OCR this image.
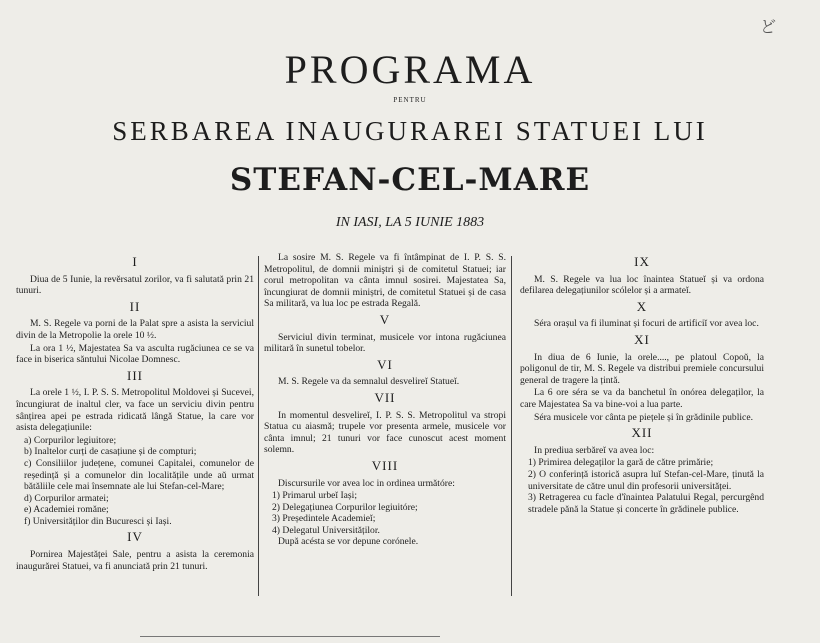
ど
PROGRAMA
PENTRU
SERBAREA INAUGURAREI STATUEI LUI
STEFAN-CEL-MARE
IN IASI, LA 5 IUNIE 1883
I
Diua de 5 Iunie, la revĕrsatul zorilor, va fi salutată prin 21 tunuri.
II
M. S. Regele va porni de la Palat spre a asista la serviciul divin de la Metropolie la orele 10 ½.
La ora 1 ½, Majestatea Sa va asculta rugăciunea ce se va face in biserica săntului Nicolae Domnesc.
III
La orele 1 ½, I. P. S. S. Metropolitul Moldovei și Sucevei, încungiurat de inaltul cler, va face un serviciu divin pentru sânțirea apei pe estrada ridicată lângă Statue, la care vor asista delegațiunile:
a) Corpurilor legiuitore;
b) Inaltelor curți de casațiune și de compturi;
c) Consiliilor județene, comunei Capitalei, comunelor de reședință și a comunelor din localitățile unde aŭ urmat bătăliile cele mai însemnate ale lui Stefan-cel-Mare;
d) Corpurilor armatei;
e) Academiei romăne;
f) Universităților din Bucuresci și Iași.
IV
Pornirea Majestăței Sale, pentru a asista la ceremonia inaugurărei Statuei, va fi anunciată prin 21 tunuri.
La sosire M. S. Regele va fi întâmpinat de I. P. S. S. Metropolitul, de domnii miniştri și de comitetul Statuei; iar corul metropolitan va cânta imnul sosirei. Majestatea Sa, încungiurat de domnii miniștri, de comitetul Statuei și de casa Sa militară, va lua loc pe estrada Regală.
V
Serviciul divin terminat, musicele vor intona rugăciunea militară în sunetul tobelor.
VI
M. S. Regele va da semnalul desvelireĭ Statueĭ.
VII
In momentul desvelireĭ, I. P. S. S. Metropolitul va stropi Statua cu aiasmă; trupele vor presenta armele, musicele vor cânta imnul; 21 tunuri vor face cunoscut acest moment solemn.
VIII
Discursurile vor avea loc in ordinea următóre:
1) Primarul urbeĭ Iași;
2) Delegațiunea Corpurilor legiuitóre;
3) Președintele Academieĭ;
4) Delegatul Universităților.
După acésta se vor depune corónele.
IX
M. S. Regele va lua loc înaintea Statueĭ și va ordona defilarea delegațiunilor scólelor și a armateĭ.
X
Séra orașul va fi iluminat și focuri de artificiĭ vor avea loc.
XI
In diua de 6 Iunie, la orele...., pe platoul Copoŭ, la poligonul de tir, M. S. Regele va distribui premiele concursului general de tragere la țintă.
La 6 ore séra se va da banchetul în onórea delegaților, la care Majestatea Sa va bine-voi a lua parte.
Séra musicele vor cânta pe piețele și în grădinile publice.
XII
In prediua serbăreĭ va avea loc:
1) Primirea delegaților la gară de către primărie;
2) O conferință istorică asupra luĭ Stefan-cel-Mare, ținută la universitate de către unul din profesorii universităței.
3) Retragerea cu facle d'înaintea Palatului Regal, percurgênd stradele pănă la Statue și concerte în grădinele publice.
